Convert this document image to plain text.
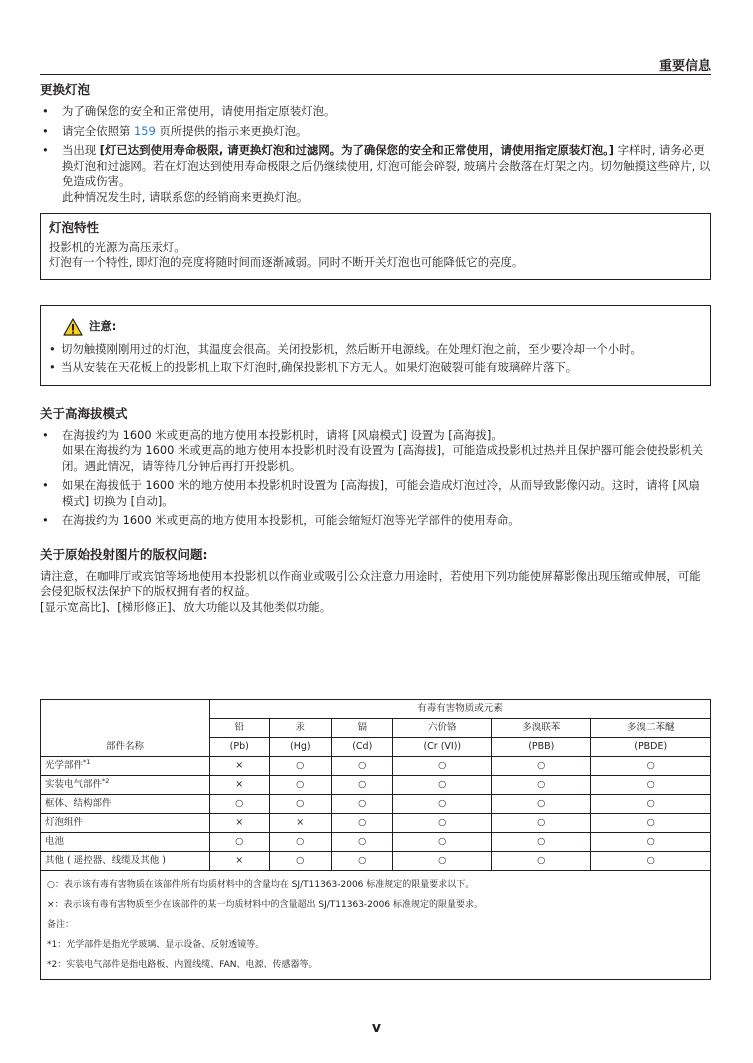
重要信息
更换灯泡
• 为了确保您的安全和正常使用，请使用指定原装灯泡。
• 请完全依照第 159 页所提供的指示来更换灯泡。
• 当出现 [灯已达到使用寿命极限, 请更换灯泡和过滤网。为了确保您的安全和正常使用，请使用指定原装灯泡。] 字样时, 请务必更换灯泡和过滤网。若在灯泡达到使用寿命极限之后仍继续使用, 灯泡可能会碎裂, 玻璃片会散落在灯架之内。切勿触摸这些碎片, 以免造成伤害。
此种情况发生时, 请联系您的经销商来更换灯泡。
灯泡特性
投影机的光源为高压汞灯。
灯泡有一个特性, 即灯泡的亮度将随时间而逐渐减弱。同时不断开关灯泡也可能降低它的亮度。
注意:
• 切勿触摸刚刚用过的灯泡，其温度会很高。关闭投影机，然后断开电源线。在处理灯泡之前，至少要冷却一个小时。
• 当从安装在天花板上的投影机上取下灯泡时,确保投影机下方无人。如果灯泡破裂可能有玻璃碎片落下。
关于高海拔模式
• 在海拔约为 1600 米或更高的地方使用本投影机时，请将 [风扇模式] 设置为 [高海拔]。
如果在海拔约为 1600 米或更高的地方使用本投影机时没有设置为 [高海拔]，可能造成投影机过热并且保护器可能会使投影机关闭。遇此情况，请等待几分钟后再打开投影机。
• 如果在海拔低于 1600 米的地方使用本投影机时设置为 [高海拔]，可能会造成灯泡过冷，从而导致影像闪动。这时，请将 [风扇模式] 切换为 [自动]。
• 在海拔约为 1600 米或更高的地方使用本投影机，可能会缩短灯泡等光学部件的使用寿命。
关于原始投射图片的版权问题:
请注意，在咖啡厅或宾馆等场地使用本投影机以作商业或吸引公众注意力用途时，若使用下列功能使屏幕影像出现压缩或伸展，可能会侵犯版权法保护下的版权拥有者的权益。
[显示宽高比]、[梯形修正]、放大功能以及其他类似功能。
部件名称	有毒有害物质或元素					
	铅	汞	镉	六价铬	多溴联苯	多溴二苯醚
	(Pb)	(Hg)	(Cd)	(Cr (VI))	(PBB)	(PBDE)
光学部件$^{*1}$	×	○	○	○	○	○
实装电气部件$^{*2}$	×	○	○	○	○	○
框体、结构部件	○	○	○	○	○	○
灯泡组件	×	×	○	○	○	○
电池	○	○	○	○	○	○
其他 ( 遥控器、线缆及其他 )	×	○	○	○	○	○

○：表示该有毒有害物质在该部件所有均质材料中的含量均在 SJ/T11363-2006 标准规定的限量要求以下。
×：表示该有毒有害物质至少在该部件的某一均质材料中的含量超出 SJ/T11363-2006 标准规定的限量要求。
备注：
*1：光学部件是指光学玻璃、显示设备、反射透镜等。
*2：实装电气部件是指电路板、内置线缆、FAN、电源、传感器等。						
v
